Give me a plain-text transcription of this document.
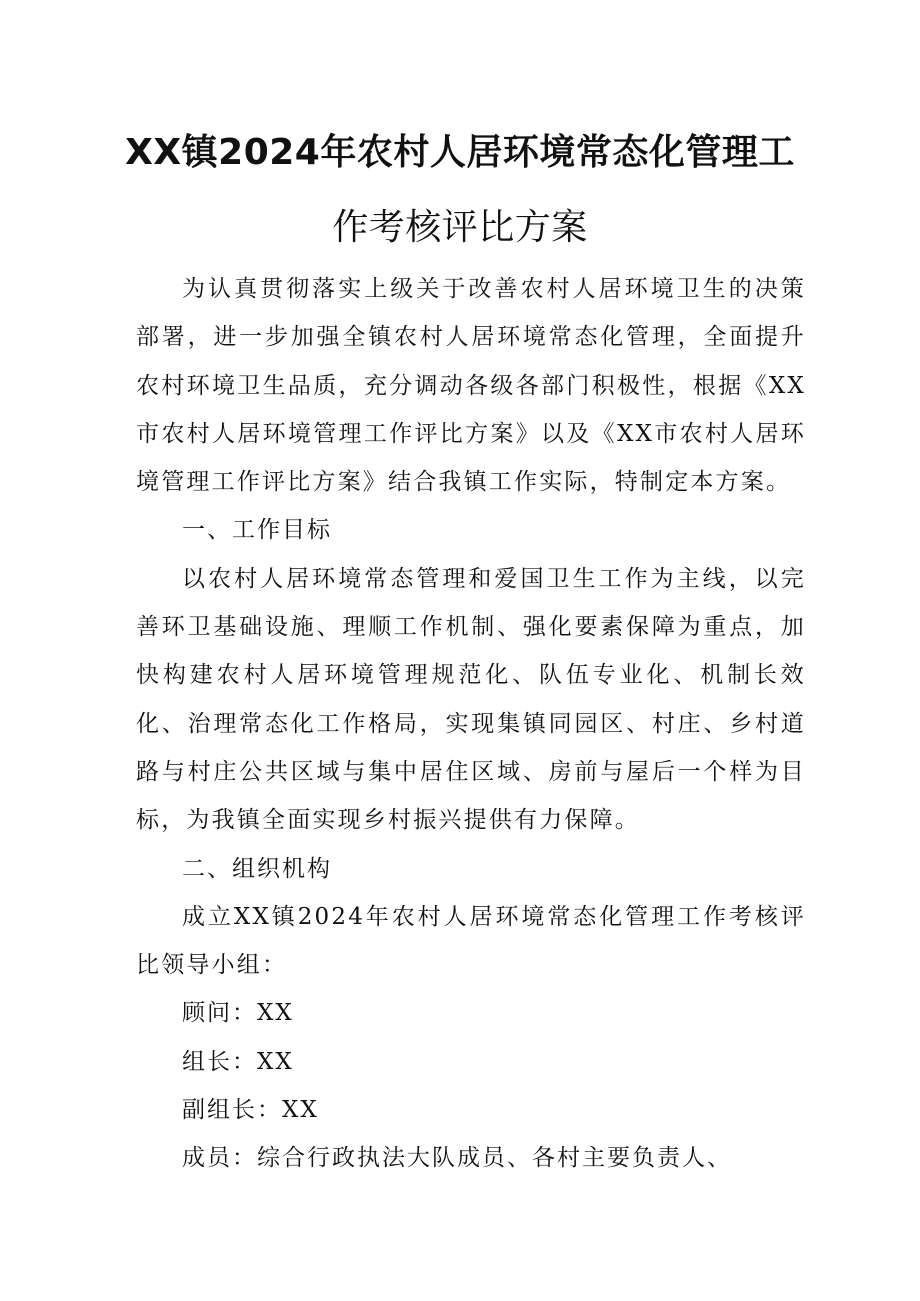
XX镇2024年农村人居环境常态化管理工
作考核评比方案

为认真贯彻落实上级关于改善农村人居环境卫生的决策部署，进一步加强全镇农村人居环境常态化管理，全面提升农村环境卫生品质，充分调动各级各部门积极性，根据《XX市农村人居环境管理工作评比方案》以及《XX市农村人居环境管理工作评比方案》结合我镇工作实际，特制定本方案。

一、工作目标

以农村人居环境常态管理和爱国卫生工作为主线，以完善环卫基础设施、理顺工作机制、强化要素保障为重点，加快构建农村人居环境管理规范化、队伍专业化、机制长效化、治理常态化工作格局，实现集镇同园区、村庄、乡村道路与村庄公共区域与集中居住区域、房前与屋后一个样为目标，为我镇全面实现乡村振兴提供有力保障。

二、组织机构

成立XX镇2024年农村人居环境常态化管理工作考核评比领导小组：

顾问：XX

组长：XX

副组长：XX

成员：综合行政执法大队成员、各村主要负责人、
